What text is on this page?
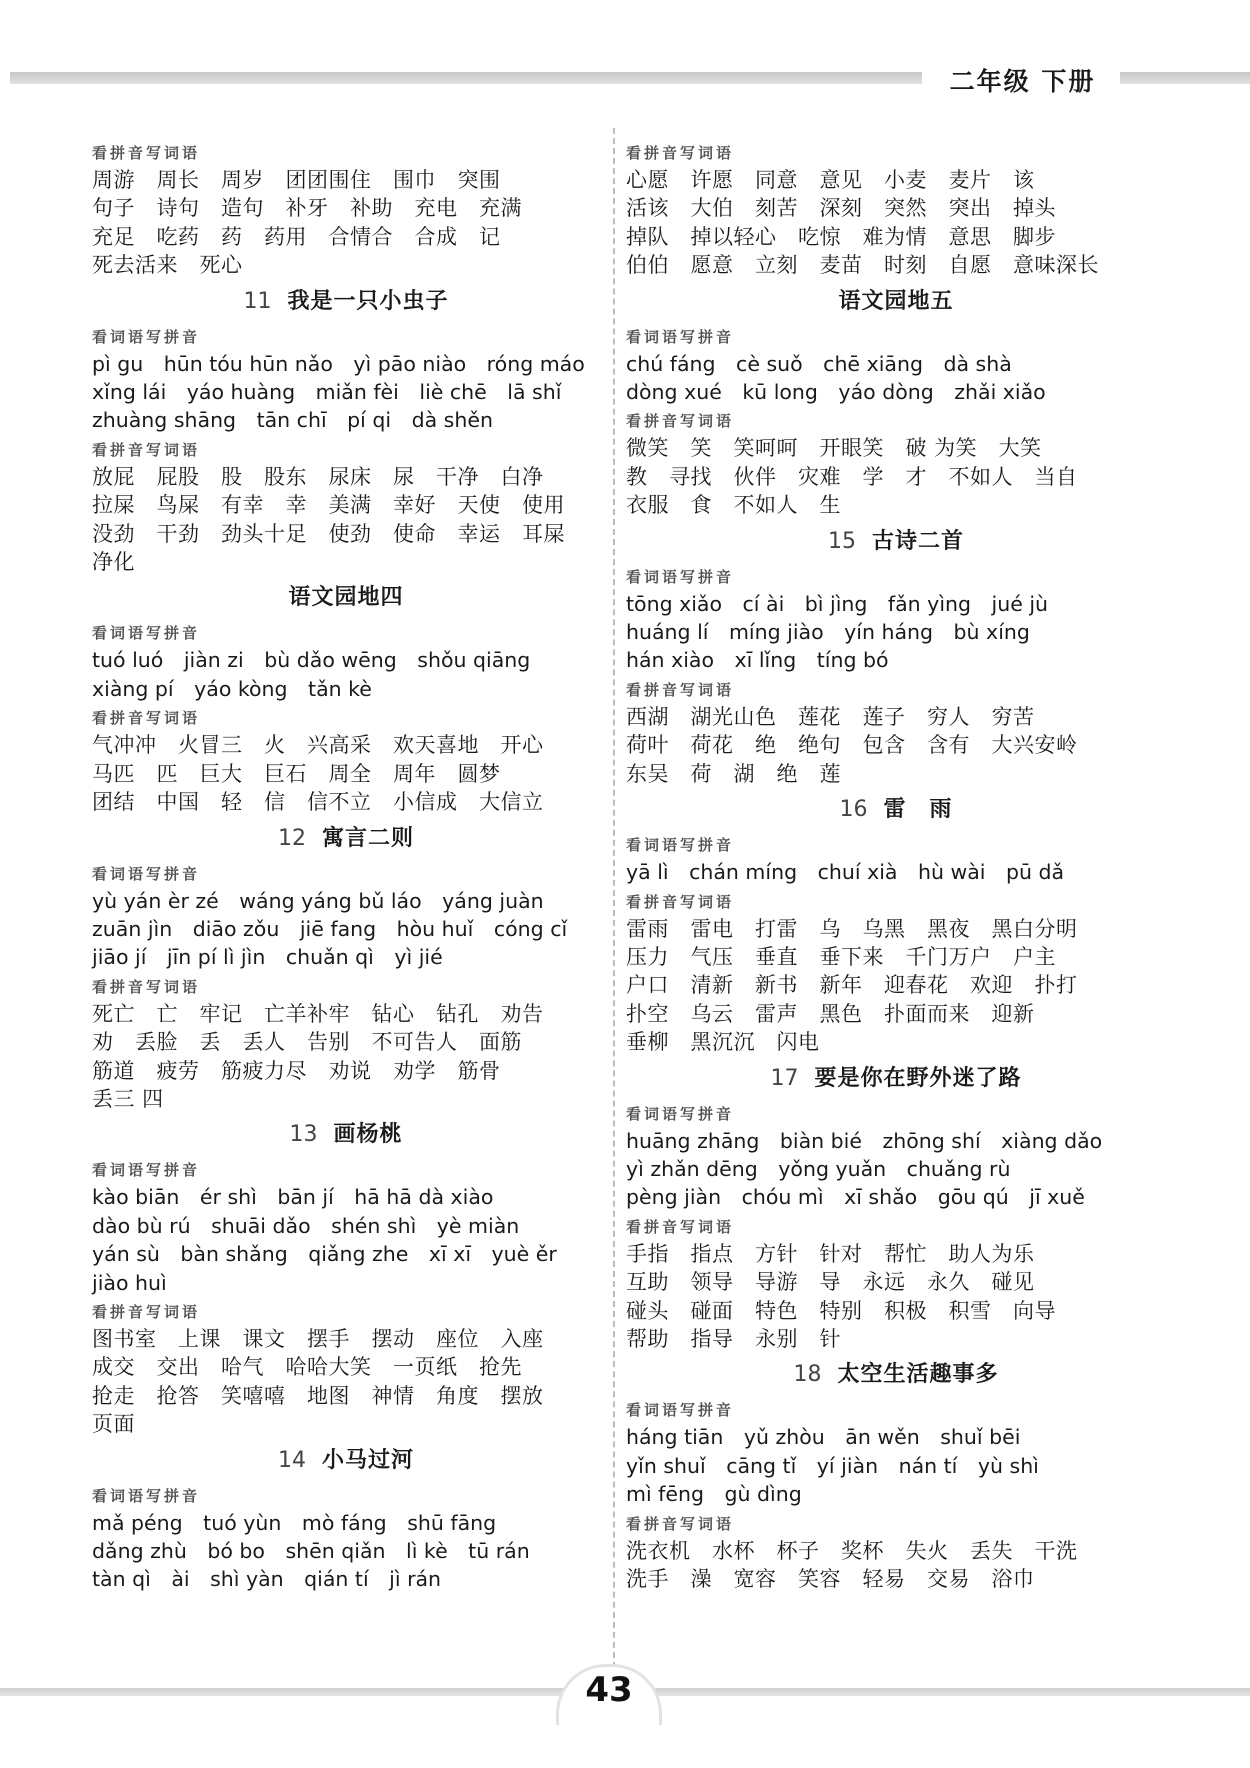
二年级 下册
看拼音写词语
周游　周长　周岁　团团围住　围巾　突围
句子　诗句　造句　补牙　补助　充电　充满
充足　吃药　药　药用　合情合　合成　记
死去活来　死心
11 我是一只小虫子
看词语写拼音
pì gu　hūn tóu hūn nǎo　yì pāo niào　róng máo
xǐng lái　yáo huàng　miǎn fèi　liè chē　lā shǐ
zhuàng shāng　tān chī　pí qi　dà shěn
看拼音写词语
放屁　屁股　股　股东　尿床　尿　干净　白净
拉屎　鸟屎　有幸　幸　美满　幸好　天使　使用
没劲　干劲　劲头十足　使劲　使命　幸运　耳屎
净化
语文园地四
看词语写拼音
tuó luó　jiàn zi　bù dǎo wēng　shǒu qiāng
xiàng pí　yáo kòng　tǎn kè
看拼音写词语
气冲冲　火冒三　火　兴高采　欢天喜地　开心
马匹　匹　巨大　巨石　周全　周年　圆梦
团结　中国　轻　信　信不立　小信成　大信立
12 寓言二则
看词语写拼音
yù yán èr zé　wáng yáng bǔ láo　yáng juàn
zuān jìn　diāo zǒu　jiē fang　hòu huǐ　cóng cǐ
jiāo jí　jīn pí lì jìn　chuǎn qì　yì jié
看拼音写词语
死亡　亡　牢记　亡羊补牢　钻心　钻孔　劝告
劝　丢脸　丢　丢人　告别　不可告人　面筋
筋道　疲劳　筋疲力尽　劝说　劝学　筋骨
丢三 四
13 画杨桃
看词语写拼音
kào biān　ér shì　bān jí　hā hā dà xiào
dào bù rú　shuāi dǎo　shén shì　yè miàn
yán sù　bàn shǎng　qiǎng zhe　xī xī　yuè ěr
jiào huì
看拼音写词语
图书室　上课　课文　摆手　摆动　座位　入座
成交　交出　哈气　哈哈大笑　一页纸　抢先
抢走　抢答　笑嘻嘻　地图　神情　角度　摆放
页面
14 小马过河
看词语写拼音
mǎ péng　tuó yùn　mò fáng　shū fāng
dǎng zhù　bó bo　shēn qiǎn　lì kè　tū rán
tàn qì　ài　shì yàn　qián tí　jì rán
看拼音写词语
心愿　许愿　同意　意见　小麦　麦片　该
活该　大伯　刻苦　深刻　突然　突出　掉头
掉队　掉以轻心　吃惊　难为情　意思　脚步
伯伯　愿意　立刻　麦苗　时刻　自愿　意味深长
语文园地五
看词语写拼音
chú fáng　cè suǒ　chē xiāng　dà shà
dòng xué　kū long　yáo dòng　zhǎi xiǎo
看拼音写词语
微笑　笑　笑呵呵　开眼笑　破 为笑　大笑
教　寻找　伙伴　灾难　学　才　不如人　当自
衣服　食　不如人　生
15 古诗二首
看词语写拼音
tōng xiǎo　cí ài　bì jìng　fǎn yìng　jué jù
huáng lí　míng jiào　yín háng　bù xíng
hán xiào　xī lǐng　tíng bó
看拼音写词语
西湖　湖光山色　莲花　莲子　穷人　穷苦
荷叶　荷花　绝　绝句　包含　含有　大兴安岭
东吴　荷　湖　绝　莲
16 雷　雨
看词语写拼音
yā lì　chán míng　chuí xià　hù wài　pū dǎ
看拼音写词语
雷雨　雷电　打雷　乌　乌黑　黑夜　黑白分明
压力　气压　垂直　垂下来　千门万户　户主
户口　清新　新书　新年　迎春花　欢迎　扑打
扑空　乌云　雷声　黑色　扑面而来　迎新
垂柳　黑沉沉　闪电
17 要是你在野外迷了路
看词语写拼音
huāng zhāng　biàn bié　zhōng shí　xiàng dǎo
yì zhǎn dēng　yǒng yuǎn　chuǎng rù
pèng jiàn　chóu mì　xī shǎo　gōu qú　jī xuě
看拼音写词语
手指　指点　方针　针对　帮忙　助人为乐
互助　领导　导游　导　永远　永久　碰见
碰头　碰面　特色　特别　积极　积雪　向导
帮助　指导　永别　针
18 太空生活趣事多
看词语写拼音
háng tiān　yǔ zhòu　ān wěn　shuǐ bēi
yǐn shuǐ　cāng tǐ　yí jiàn　nán tí　yù shì
mì fēng　gù dìng
看拼音写词语
洗衣机　水杯　杯子　奖杯　失火　丢失　干洗
洗手　澡　宽容　笑容　轻易　交易　浴巾
43
